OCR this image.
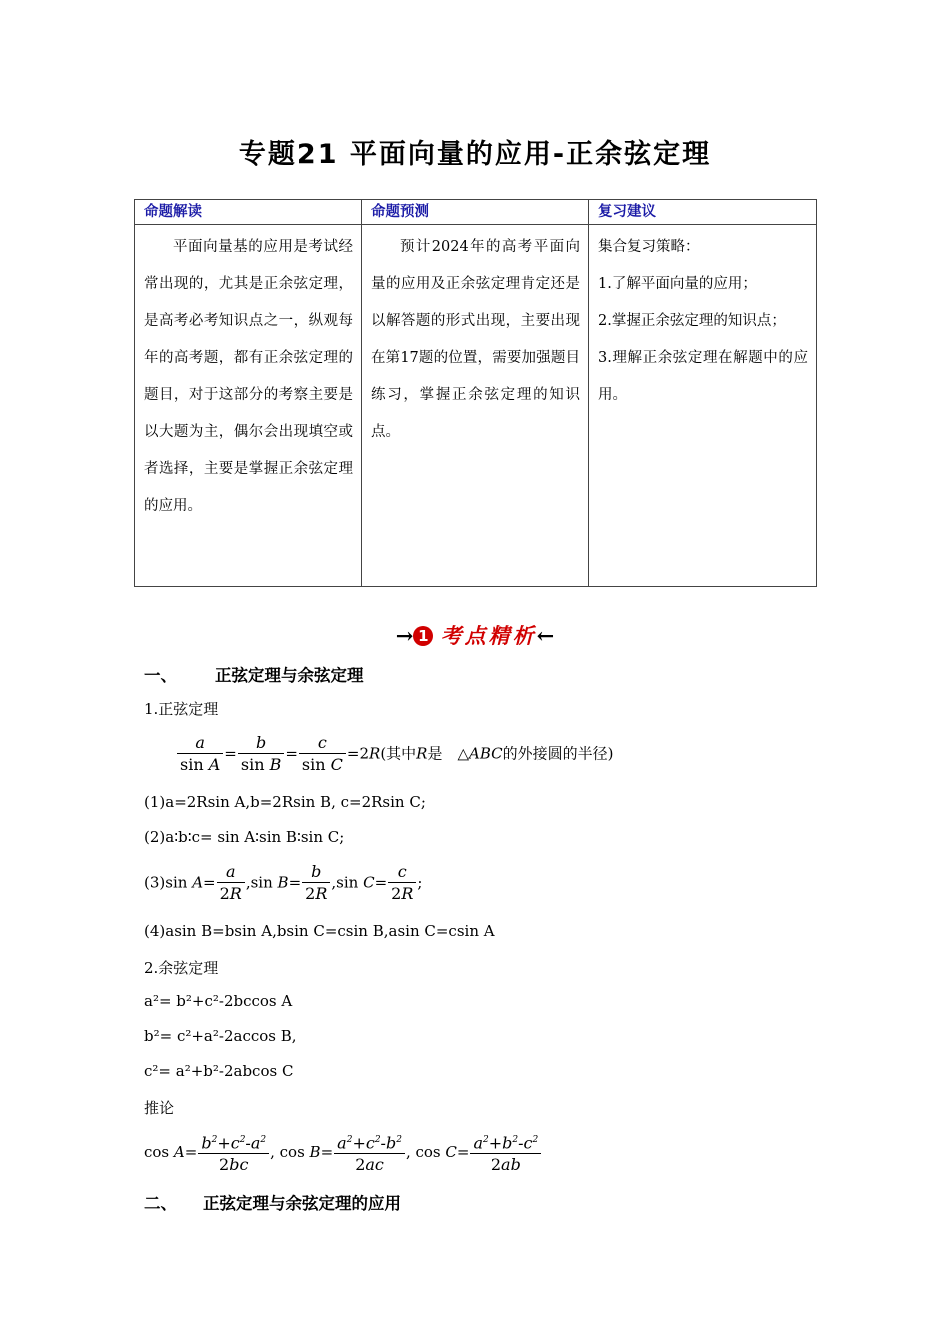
专题21 平面向量的应用-正余弦定理
命题解读	命题预测	复习建议
平面向量基的应用是考试经常出现的，尤其是正余弦定理，是高考必考知识点之一，纵观每年的高考题，都有正余弦定理的题目，对于这部分的考察主要是以大题为主，偶尔会出现填空或者选择，主要是掌握正余弦定理的应用。	预计2024年的高考平面向量的应用及正余弦定理肯定还是以解答题的形式出现，主要出现在第17题的位置，需要加强题目练习，掌握正余弦定理的知识点。	集合复习策略：
1.了解平面向量的应用；
2.掌握正余弦定理的知识点；
3.理解正余弦定理在解题中的应用。
→ 1 考点精析←
一、 正弦定理与余弦定理
1.正弦定理
$\frac{a}{\text{sin A}} = \frac{b}{\text{sin B}} = \frac{c}{\text{sin C}} =2R$(其中R是　△ABC的外接圆的半径)
(1)a=2Rsin A,b=2Rsin B, c=2Rsin C;
(2)a∶b∶c= sin A∶sin B∶sin C;
(3)sin $A= \frac{a}{2R} ,\sin$ $B= \frac{b}{2R} ,\sin$ $C= \frac{c}{2R}$ ;
(4)asin B=bsin A,bsin C=csin B,asin C=csin A
2.余弦定理
a²= b²+c²-2bccos A
b²= c²+a²-2accos B,
c²= a²+b²-2abcos C
推论
$\cos A= \frac{b^2+c^2-a^2}{2bc}$ , $\cos B= \frac{a^2+c^2-b^2}{2ac}$ , $\cos C= \frac{a^2+b^2-c^2}{2ab}$
二、 正弦定理与余弦定理的应用
